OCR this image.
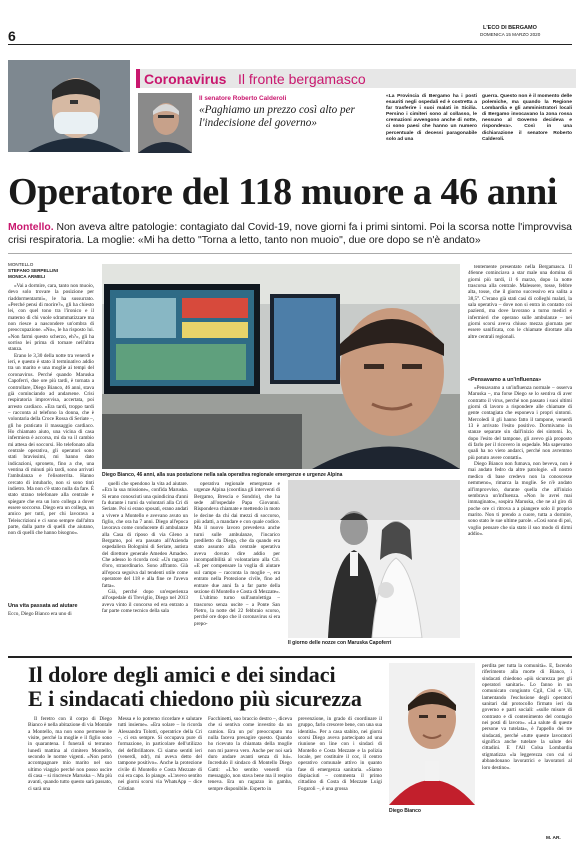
6	L'ECO DI BERGAMO
DOMENICA 15 MARZO 2020
Coronavirus Il fronte bergamasco
Il senatore Roberto Calderoli
«Paghiamo un prezzo così alto per l'indecisione del governo»
«La Provincia di Bergamo ha i posti esauriti negli ospedali ed è costretta a far trasferire i suoi malati in Sicilia. Persino i cimiteri sono al collasso, le cremazioni avvengono anche di notte, ci sono paesi che hanno un numero percentuale di decessi paragonabile solo ad una
guerra. Questo non è il momento delle polemiche, ma quando la Regione Lombardia e gli amministratori locali di Bergamo invocavano la zona rossa nessuno al Governo decideva e rispondeva». Così in una dichiarazione il senatore Roberto Calderoli.
Operatore del 118 muore a 46 anni
Montello. Non aveva altre patologie: contagiato dal Covid-19, nove giorni fa i primi sintomi. Poi la scorsa notte l'improvvisa crisi respiratoria. La moglie: «Mi ha detto "Torna a letto, tanto non muoio", due ore dopo se n'è andato»
MONTELLO
STEFANO SERPELLINI
MONICA ARMELI

«Vai a dormire, cara, tanto non muoio, devo solo trovare la posizione per riaddormentarmi», le ha sussurrato. «Perché pensi di morire?», gli ha chiesto lei, con quel tono tra l'ironico e il materno di chi vuole sdrammatizzare ma non riesce a nascondere un'ombra di preoccupazione. «No», le ha risposto lui. «Non farmi questo scherzo, eh?», gli ha sorriso lei prima di tornare nell'altra stanza.

Erano le 3,30 della notte tra venerdì e ieri, e questo è stato il terminativo addio tra un marito e una moglie ai tempi del coronavirus. Perché quando Maruska Capoferri, due ore più tardi, è tornata a controllare, Diego Bianco, 46 anni, stava già cominciando ad andarsene. Crisi respiratoria improvvisa, accertata, poi arresto cardiaco. «Era tardi, troppo tardi – racconta al telefono la donna, che è volontaria della Croce Rossa di Seriate –, gli ho praticato il massaggio cardiaco. Ho chiamato aiuto, una vicina di casa infermiera è accorsa, mi da va il cambio mi attesa dei soccorsi. Ho telefonato alla centrale operativa, gli operatori sono stati bravissimi, mi hanno dato indicazioni, sproneto, fino a che, una ventina di minuti più tardi, sono arrivati l'ambulanza e l'elisoterrita. Hanno cercato di intubarlo, non si sono tinti indietro. Ma non c'è stato nulla da fare. È stato strano telefonare alla centrale e spiegare che era un loro collega a dover essere soccorso. Diego era un collega, un amico per tutti, per chi lavorava a Teleiscrizioni e ci sono sempre dall'altra parte, dalla parte di quelli che aiutano, non di quelli che hanno bisogno».

Una vita passata ad aiutare
Ecco, Diego Bianco era uno di
Diego Bianco, 46 anni, alla sua postazione nella sala operativa regionale emergenze e urgenze Alpina

quelli che spendono la vita ad aiutare. «Era la sua missione», confida Maruska. Si erano conosciuti una quindicina d'anni fa durante i turni da volontari alla Cri di Seriate. Poi si erano sposati, erano andati a vivere a Montello e avevano avuto un figlio, che ora ha 7 anni. Diego all'epoca lavorava come conducente di ambulanze alla Casa di riposo di via Gleno a Bergamo, poi era passato all'Azienda ospedaliera Bolognini di Seriate, autista del direttore generale Amedeo Amadeo. Che adesso lo ricorda così: «Un ragazzo d'oro, straordinario. Sono affranto. Già all'epoca seguiva dal tendenti utile come operatore del 118 e alla fine ce l'aveva fatta».

Già, perché dopo un'esperienza all'ospedale di Treviglio, Diego nel 2013 aveva vinto il concorso ed era entrato a far parte come tecnico della sala

operativa regionale emergenze e urgenze Alpina (coordina gli interventi di Bergamo, Brescia e Sondrio), che ha sede all'ospedale Papa Giovanni. Rispondeva chiamate e mettendo in moto le decine da chi dai mezzi di soccorso, più adatti, a mandare e con quale codice. Ma il nuovo lavoro prevedeva anche turni sulle ambulanze, l'incarico prediletto da Diego, che da quando era stato assunto alla centrale operativa aveva dovuto dire addio per incompatibilità al volontariato alla Cri. «E per compensare la voglia di aiutare sul campo – racconta la moglie –, era entrato nella Protezione civile, fino ad entrare due anni fa a far parte della sezione di Montello e Costa di Mezzate».

L'ultimo turno sull'autolettiga – trascorso senza uscite – a Ponte San Pietro, la notte del 22 febbraio scorso, perché ore dopo che il coronavirus si era prepo-

Il giorno delle nozze con Maruska Capoferri

tentemente presentato nella Bergamasca. Il 46enne cominciava a star male una domina di giorni più tardi, il 6 marzo, dopo la notte trascorsa alla centrale. Malessere, tosse, febbre alta, tosse, che il giorno successivo era salita a 38,5°. C'erano già stati casi di colleghi malati, la sala operativa – dove non si entra in contatto coi pazienti, ma dove lavorano a turno medici e infermieri che operano sulle ambulanze – nei giorni scorsi aveva chiuso mezza giornata per essere sanificata, con le chiamate dirottate alla altre centrali regionali.

«Pensavamo a un'influenza»

«Pensavamo a un'influenza normale – osserva Maruska –, ma forse Diego se lo sentiva di aver contratto il virus, perché non passato i suoi ultimi giorni di lavoro a rispondere alle chiamate di gente contagiata che esponeva i propri sintomi. Mercoledì il gli hanno fatto il tampone, venerdì 13 è arrivato l'esito positivo. Dormivamo in stanze separate sin dall'inizio dei sintomi. Io, dopo l'esito del tampone, gli avevo già proposto di farlo per il ricovero in ospedale. Ma sapevamo quali ha no vieto andarci, perché non avremmo più potuto avere contatti».

Diego Bianco non fumava, non beveva, non è mai andato fedro da altre patologie. «Il nostro medico di base credevo non la conoscesse nemmeno», rimarca la moglie. Se n'è andato all'improvviso, durante quella che all'inizio sembrava un'influenza. «Non lo avrei mai immaginato», sospira Maruska, che ne al giro di poche ore ci ritrova a a piangere solo il proprio marito. Non ti prendo a cuore, tutta a dormire, sono stato le sue ultime parole. «Così sono di poi, voglio pensare che sia stato il suo modo di dirmi addio».

Il dolore degli amici e dei sindaci
E i sindacati chiedono più sicurezza
Il feretro con il corpo di Diego Bianco è nella abitazione di via Montale a Montello, ma non sono permesse le visite, perché la moglie e il figlio sono in quarantena. I funerali si terranno lunedì mattina al cimitero Montello, secondo le norme vigenti. «Non potrò accompagnare mio marito nel suo ultimo viaggio perché non posso uscire di casa – si rincresce Maruska –. Ma più avanti, quando tutto questo sarà passato, ci sarà una
Messa e lo potremo ricordare e salutare tutti insieme». «Era solare – lo ricorda Alessandra Tolotti, operatrice della Cri –, ci era sempre. Si occupava pure di formazione, in particolare dell'utilizzo del defibrillatore. Ci siamo sentiti ieri (venerdì, ndr), mi aveva detto del tampone positivo». Anche la protezione civile di Montello e Costa Mezzate di cui era capo. Io piange. «L'avevo sentito nei giorni scorsi via WhatsApp – dice Cristian
Facchinetti, suo braccio destro –, diceva che si sentiva come investito da un camion. Era un po' preoccupato ma nulla faceva presagire questo. Quando ho ricevuto la chiamata della moglie non mi pareva vero. Anche per noi sarà duro andare avanti senza di lui». Incredulo il sindaco di Montello Diego Gatti: «L'ho sentito venerdì via messaggio, non stava bene ma il respiro teneva. Era un ragazzo in gamba, sempre disponibile. Esperto in
prevenzione, in grado di coordinare il gruppo, farlo crescere bene, con una sua identità». Per a casa stabito, nei giorni scorsi Diego aveva partecipato ad una riunione on line con i sindaci di Montello e Costa Mezzate e la polizia locale, per costituire il coc, il centro operativo comunale attivo in quanto fase di emergenza sanitaria. «Siamo dispiaciuti – commenta il primo cittadino di Costa di Mezzate Luigi Fogaroli –, è una grossa
Diego Bianco
perdita per tutta la comunità». E, facendo riferimento alla morte di Bianco, i sindacati chiedono «più sicurezza per gli operatori sanitari». Lo fanno in un comunicato congiunto Cgil, Cisl e Uil, lamentando l'esclusione degli operatori sanitari dal protocollo firmato ieri da governo e parti sociali: «sulle misure di contrasto e di contenimento del contagio nei posti di lavoro». «La salute di queste persone va tutelata», è l'appello dei tre sindacati, perché «tutte queste lavoratori significa anche tutelare la salute dei cittadini. E l'All Colsa Lombardia stigmatizza «la leggerezza con cui si abbandonano lavoratrici e lavoratori al loro destino».
M. AR.
